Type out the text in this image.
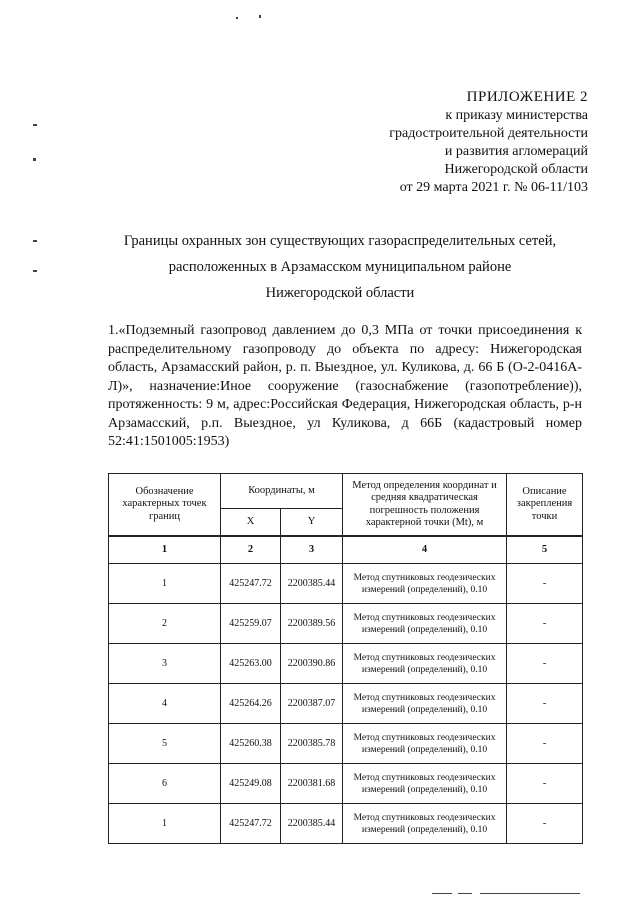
ПРИЛОЖЕНИЕ 2
к приказу министерства
градостроительной деятельности
и развития агломераций
Нижегородской области
от 29 марта 2021 г. № 06-11/103
Границы охранных зон существующих газораспределительных сетей,
расположенных в Арзамасском муниципальном районе
Нижегородской области
1.«Подземный газопровод давлением до 0,3 МПа от точки присоединения к распределительному газопроводу до объекта по адресу: Нижегородская область, Арзамасский район, р. п. Выездное, ул. Куликова, д. 66 Б (О-2-0416А-Л)», назначение:Иное сооружение (газоснабжение (газопотребление)), протяженность: 9 м, адрес:Российская Федерация, Нижегородская область, р-н Арзамасский, р.п. Выездное, ул Куликова, д 66Б (кадастровый номер 52:41:1501005:1953)
Обозначение характерных точек границ	Координаты, м		Метод определения координат и средняя квадратическая погрешность положения характерной точки (Mt), м	Описание закрепления точки
	X	Y		
1	2	3	4	5
1	425247.72	2200385.44	Метод спутниковых геодезических измерений (определений), 0.10	-
2	425259.07	2200389.56	Метод спутниковых геодезических измерений (определений), 0.10	-
3	425263.00	2200390.86	Метод спутниковых геодезических измерений (определений), 0.10	-
4	425264.26	2200387.07	Метод спутниковых геодезических измерений (определений), 0.10	-
5	425260.38	2200385.78	Метод спутниковых геодезических измерений (определений), 0.10	-
6	425249.08	2200381.68	Метод спутниковых геодезических измерений (определений), 0.10	-
1	425247.72	2200385.44	Метод спутниковых геодезических измерений (определений), 0.10	-
